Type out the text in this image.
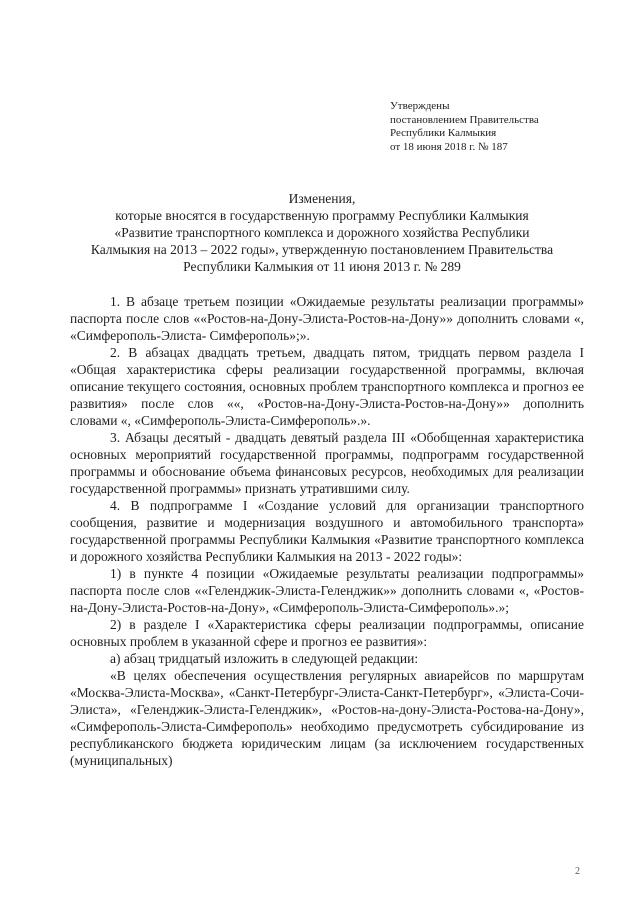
Утверждены
постановлением Правительства
Республики Калмыкия
от 18 июня 2018 г. № 187
Изменения,
которые вносятся в государственную программу Республики Калмыкия
«Развитие транспортного комплекса и дорожного хозяйства Республики
Калмыкия на 2013 – 2022 годы», утвержденную постановлением Правительства
Республики Калмыкия от 11 июня 2013 г. № 289

1. В абзаце третьем позиции «Ожидаемые результаты реализации программы» паспорта после слов ««Ростов-на-Дону-Элиста-Ростов-на-Дону»» дополнить словами «, «Симферополь-Элиста- Симферополь»;».

2. В абзацах двадцать третьем, двадцать пятом, тридцать первом раздела I «Общая характеристика сферы реализации государственной программы, включая описание текущего состояния, основных проблем транспортного комплекса и прогноз ее развития» после слов ««, «Ростов-на-Дону-Элиста-Ростов-на-Дону»» дополнить словами «, «Симферополь-Элиста-Симферополь».».

3. Абзацы десятый - двадцать девятый раздела III «Обобщенная характеристика основных мероприятий государственной программы, подпрограмм государственной программы и обоснование объема финансовых ресурсов, необходимых для реализации государственной программы» признать утратившими силу.

4. В подпрограмме I «Создание условий для организации транспортного сообщения, развитие и модернизация воздушного и автомобильного транспорта» государственной программы Республики Калмыкия «Развитие транспортного комплекса и дорожного хозяйства Республики Калмыкия на 2013 - 2022 годы»:

1) в пункте 4 позиции «Ожидаемые результаты реализации подпрограммы» паспорта после слов ««Геленджик-Элиста-Геленджик»» дополнить словами «, «Ростов-на-Дону-Элиста-Ростов-на-Дону», «Симферополь-Элиста-Симферополь».»;

2) в разделе I «Характеристика сферы реализации подпрограммы, описание основных проблем в указанной сфере и прогноз ее развития»:

а) абзац тридцатый изложить в следующей редакции:

«В целях обеспечения осуществления регулярных авиарейсов по маршрутам «Москва-Элиста-Москва», «Санкт-Петербург-Элиста-Санкт-Петербург», «Элиста-Сочи-Элиста», «Геленджик-Элиста-Геленджик», «Ростов-на-дону-Элиста-Ростова-на-Дону», «Симферополь-Элиста-Симферополь» необходимо предусмотреть субсидирование из республиканского бюджета юридическим лицам (за исключением государственных (муниципальных)

2
